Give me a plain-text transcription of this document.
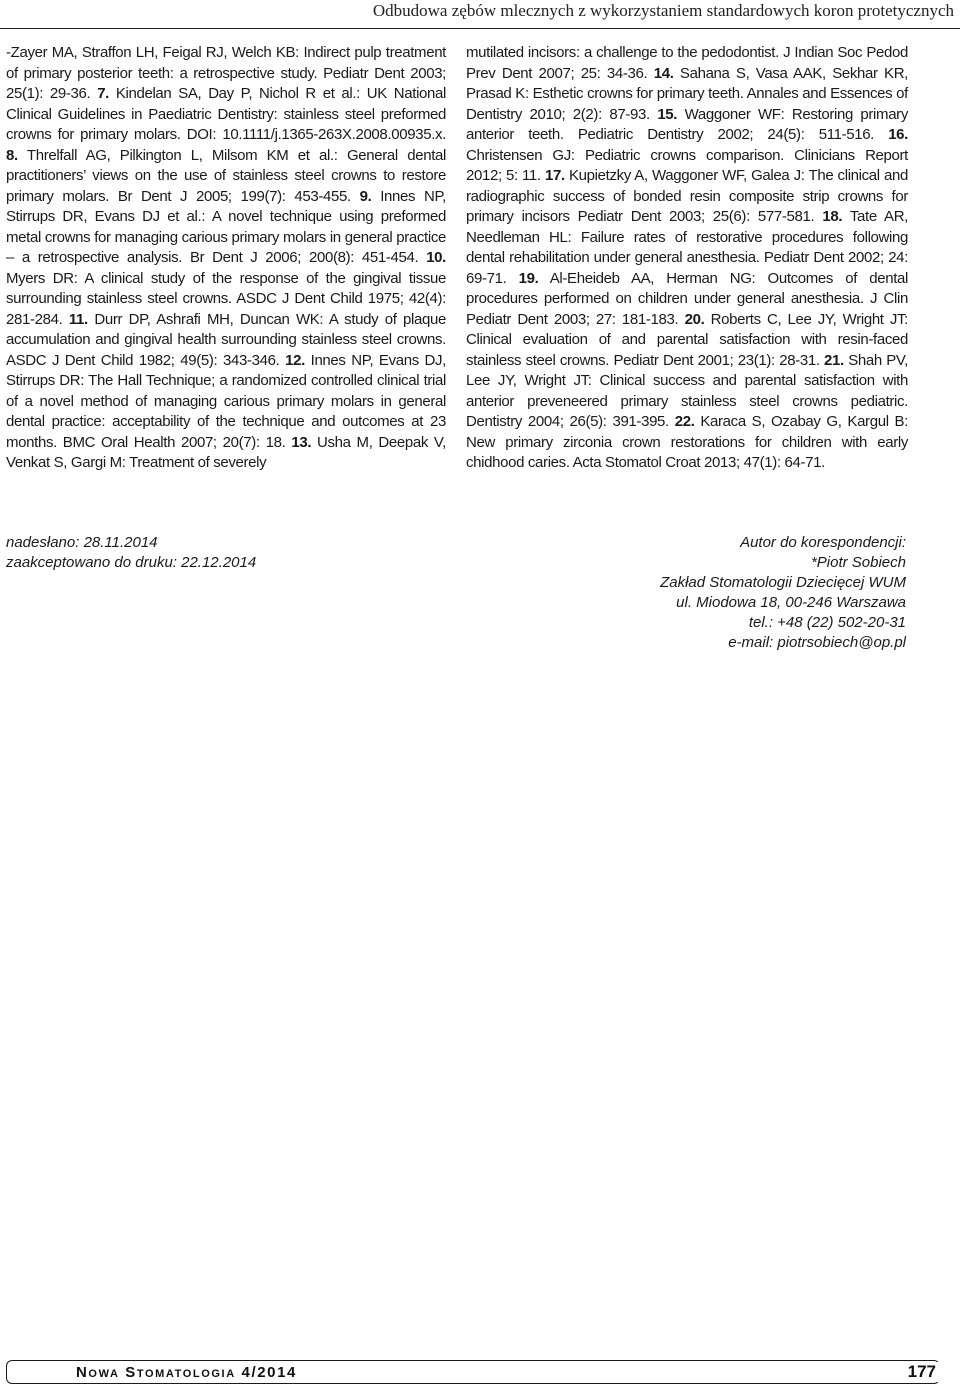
Odbudowa zębów mlecznych z wykorzystaniem standardowych koron protetycznych

-Zayer MA, Straffon LH, Feigal RJ, Welch KB: Indirect pulp treatment of primary posterior teeth: a retrospective study. Pediatr Dent 2003; 25(1): 29-36. 7. Kindelan SA, Day P, Nichol R et al.: UK National Clinical Guidelines in Paediatric Dentistry: stainless steel preformed crowns for primary molars. DOI: 10.1111/j.1365-263X.2008.00935.x. 8. Threlfall AG, Pilkington L, Milsom KM et al.: General dental practitioners’ views on the use of stainless steel crowns to restore primary molars. Br Dent J 2005; 199(7): 453-455. 9. Innes NP, Stirrups DR, Evans DJ et al.: A novel technique using preformed metal crowns for managing carious primary molars in general practice – a retrospective analysis. Br Dent J 2006; 200(8): 451-454. 10. Myers DR: A clinical study of the response of the gingival tissue surrounding stainless steel crowns. ASDC J Dent Child 1975; 42(4): 281-284. 11. Durr DP, Ashrafi MH, Duncan WK: A study of plaque accumulation and gingival health surrounding stainless steel crowns. ASDC J Dent Child 1982; 49(5): 343-346. 12. Innes NP, Evans DJ, Stirrups DR: The Hall Technique; a randomized controlled clinical trial of a novel method of managing carious primary molars in general dental practice: acceptability of the technique and outcomes at 23 months. BMC Oral Health 2007; 20(7): 18. 13. Usha M, Deepak V, Venkat S, Gargi M: Treatment of severely

mutilated incisors: a challenge to the pedodontist. J Indian Soc Pedod Prev Dent 2007; 25: 34-36. 14. Sahana S, Vasa AAK, Sekhar KR, Prasad K: Esthetic crowns for primary teeth. Annales and Essences of Dentistry 2010; 2(2): 87-93. 15. Waggoner WF: Restoring primary anterior teeth. Pediatric Dentistry 2002; 24(5): 511-516. 16. Christensen GJ: Pediatric crowns comparison. Clinicians Report 2012; 5: 11. 17. Kupietzky A, Waggoner WF, Galea J: The clinical and radiographic success of bonded resin composite strip crowns for primary incisors Pediatr Dent 2003; 25(6): 577-581. 18. Tate AR, Needleman HL: Failure rates of restorative procedures following dental rehabilitation under general anesthesia. Pediatr Dent 2002; 24: 69-71. 19. Al-Eheideb AA, Herman NG: Outcomes of dental procedures performed on children under general anesthesia. J Clin Pediatr Dent 2003; 27: 181-183. 20. Roberts C, Lee JY, Wright JT: Clinical evaluation of and parental satisfaction with resin-faced stainless steel crowns. Pediatr Dent 2001; 23(1): 28-31. 21. Shah PV, Lee JY, Wright JT: Clinical success and parental satisfaction with anterior preveneered primary stainless steel crowns pediatric. Dentistry 2004; 26(5): 391-395. 22. Karaca S, Ozabay G, Kargul B: New primary zirconia crown restorations for children with early chidhood caries. Acta Stomatol Croat 2013; 47(1): 64-71.

nadesłano: 28.11.2014
zaakceptowano do druku: 22.12.2014
Autor do korespondencji:
*Piotr Sobiech
Zakład Stomatologii Dziecięcej WUM
ul. Miodowa 18, 00-246 Warszawa
tel.: +48 (22) 502-20-31
e-mail: piotrsobiech@op.pl
Nowa Stomatologia 4/2014	177
